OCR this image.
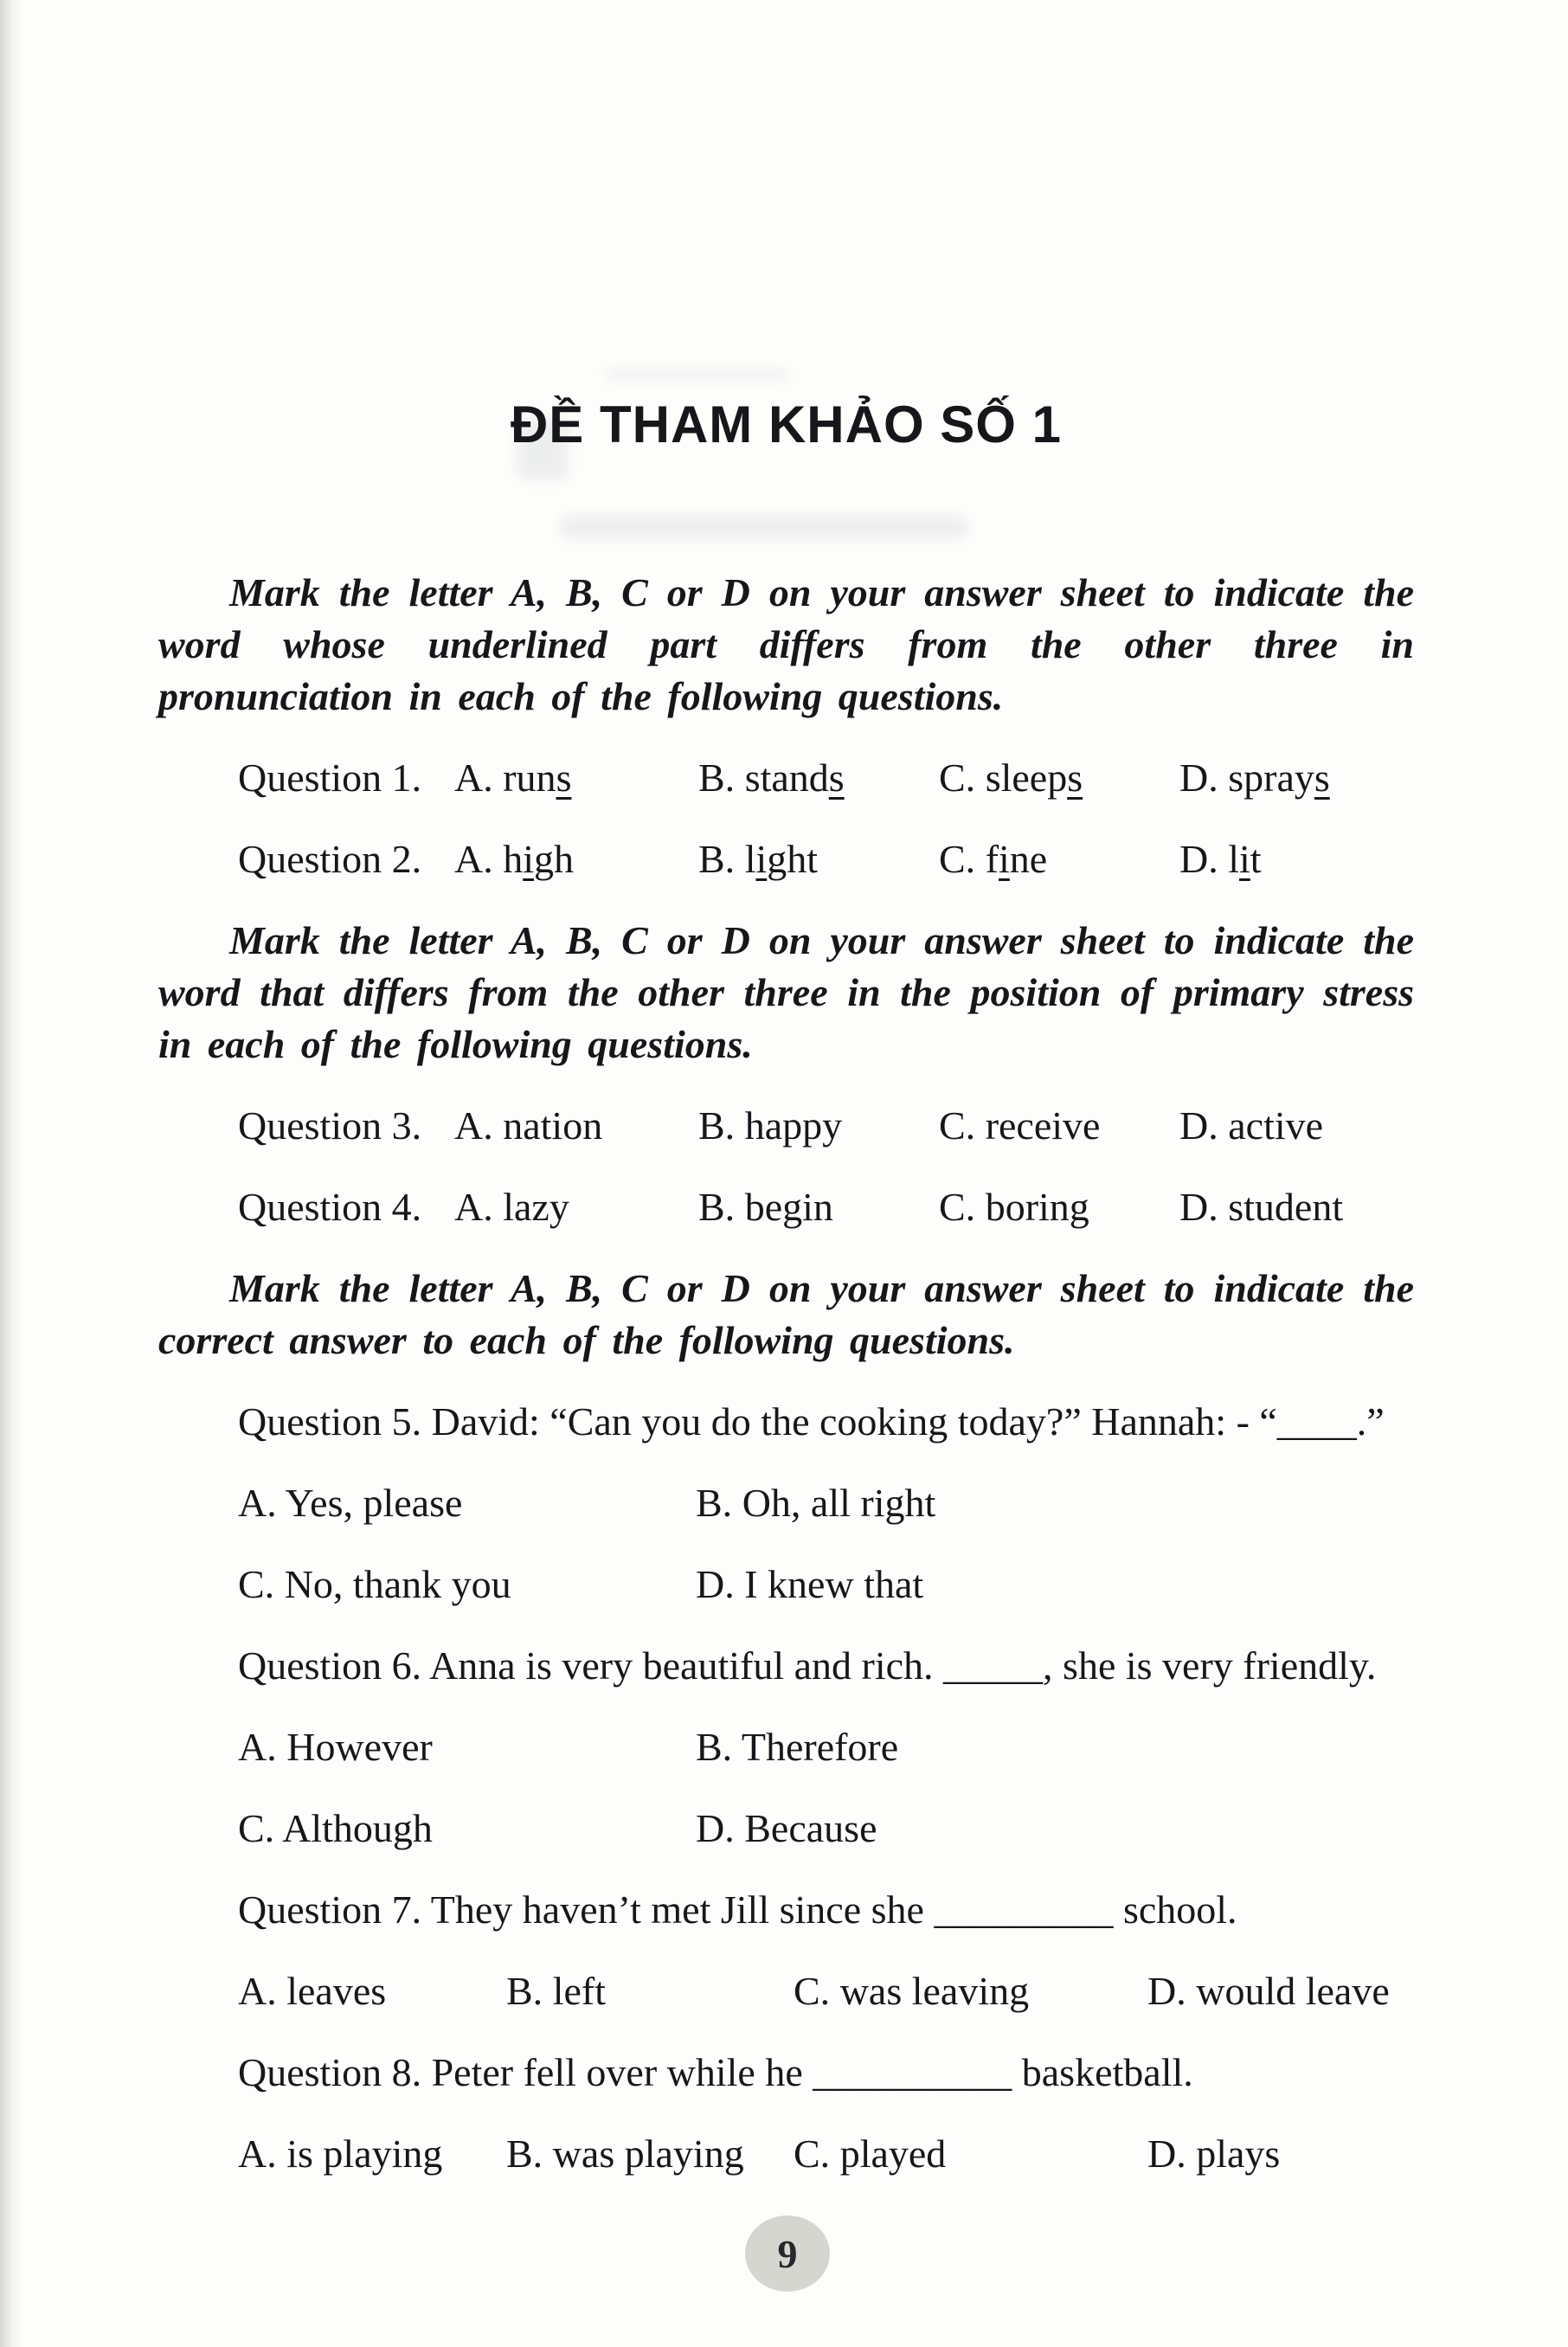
ĐỀ THAM KHẢO SỐ 1

Mark the letter A, B, C or D on your answer sheet to indicate the word whose underlined part differs from the other three in pronunciation in each of the following questions.

Question 1. A. runs	B. stands	C. sleeps	D. sprays
Question 2. A. high	B. light	C. fine	D. lit

Mark the letter A, B, C or D on your answer sheet to indicate the word that differs from the other three in the position of primary stress in each of the following questions.

Question 3. A. nation	B. happy	C. receive	D. active
Question 4. A. lazy	B. begin	C. boring	D. student

Mark the letter A, B, C or D on your answer sheet to indicate the correct answer to each of the following questions.

Question 5. David: “Can you do the cooking today?” Hannah: - “____.”
A. Yes, please	B. Oh, all right
C. No, thank you	D. I knew that
Question 6. Anna is very beautiful and rich. _____, she is very friendly.
A. However	B. Therefore
C. Although	D. Because
Question 7. They haven’t met Jill since she _________ school.
A. leaves	B. left	C. was leaving	D. would leave
Question 8. Peter fell over while he __________ basketball.
A. is playing	B. was playing	C. played	D. plays
9
